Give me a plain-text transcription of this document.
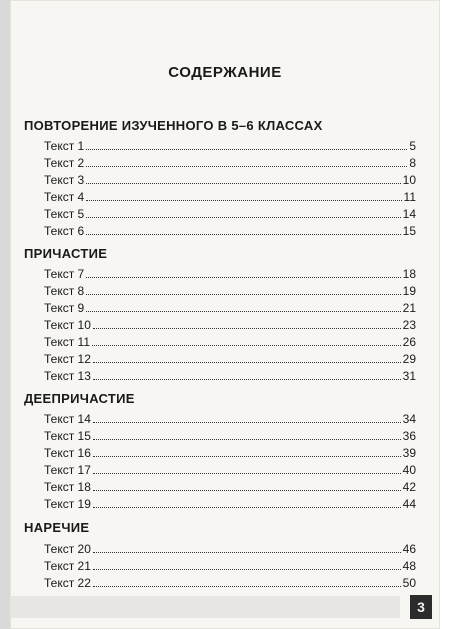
СОДЕРЖАНИЕ
ПОВТОРЕНИЕ ИЗУЧЕННОГО В 5–6 КЛАССАХ
Текст 1	5
Текст 2	8
Текст 3	10
Текст 4	11
Текст 5	14
Текст 6	15
ПРИЧАСТИЕ
Текст 7	18
Текст 8	19
Текст 9	21
Текст 10	23
Текст 11	26
Текст 12	29
Текст 13	31
ДЕЕПРИЧАСТИЕ
Текст 14	34
Текст 15	36
Текст 16	39
Текст 17	40
Текст 18	42
Текст 19	44
НАРЕЧИЕ
Текст 20	46
Текст 21	48
Текст 22	50
3
